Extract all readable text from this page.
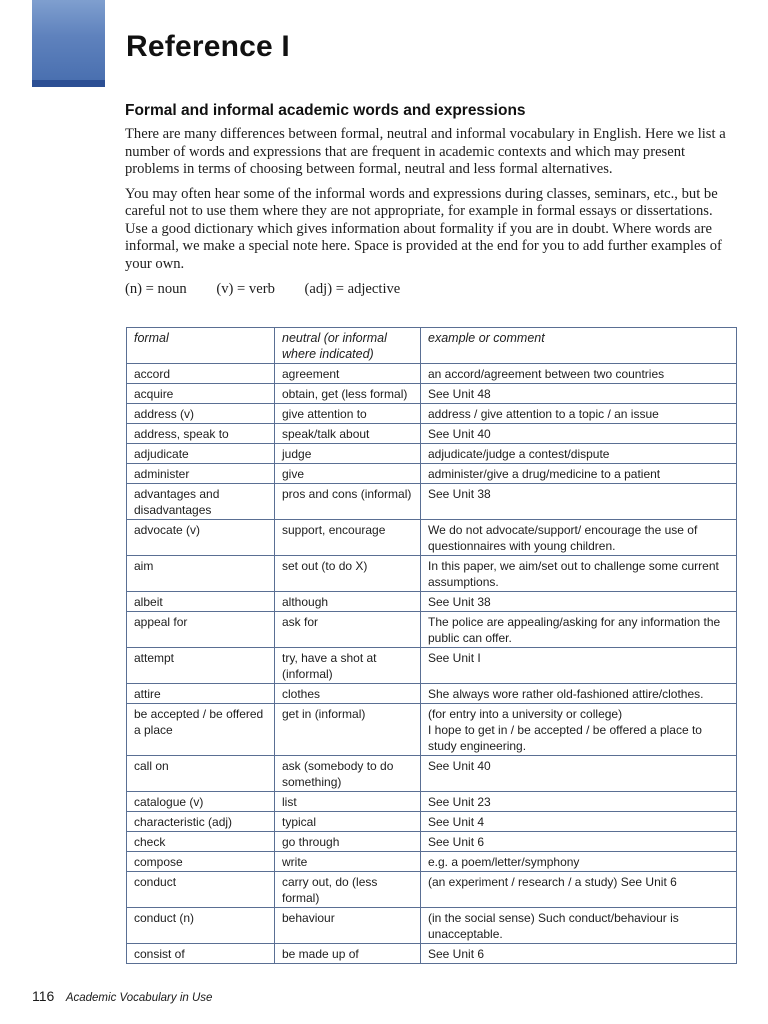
Reference I
Formal and informal academic words and expressions

There are many differences between formal, neutral and informal vocabulary in English. Here we list a number of words and expressions that are frequent in academic contexts and which may present problems in terms of choosing between formal, neutral and less formal alternatives.

You may often hear some of the informal words and expressions during classes, seminars, etc., but be careful not to use them where they are not appropriate, for example in formal essays or dissertations. Use a good dictionary which gives information about formality if you are in doubt. Where words are informal, we make a special note here. Space is provided at the end for you to add further examples of your own.

(n) = noun (v) = verb (adj) = adjective

formal	neutral (or informal where indicated)	example or comment
accord	agreement	an accord/agreement between two countries
acquire	obtain, get (less formal)	See Unit 48
address (v)	give attention to	address / give attention to a topic / an issue
address, speak to	speak/talk about	See Unit 40
adjudicate	judge	adjudicate/judge a contest/dispute
administer	give	administer/give a drug/medicine to a patient
advantages and disadvantages	pros and cons (informal)	See Unit 38
advocate (v)	support, encourage	We do not advocate/support/ encourage the use of questionnaires with young children.
aim	set out (to do X)	In this paper, we aim/set out to challenge some current assumptions.
albeit	although	See Unit 38
appeal for	ask for	The police are appealing/asking for any information the public can offer.
attempt	try, have a shot at (informal)	See Unit I
attire	clothes	She always wore rather old-fashioned attire/clothes.
be accepted / be offered a place	get in (informal)	(for entry into a university or college)
I hope to get in / be accepted / be offered a place to study engineering.
call on	ask (somebody to do something)	See Unit 40
catalogue (v)	list	See Unit 23
characteristic (adj)	typical	See Unit 4
check	go through	See Unit 6
compose	write	e.g. a poem/letter/symphony
conduct	carry out, do (less formal)	(an experiment / research / a study) See Unit 6
conduct (n)	behaviour	(in the social sense) Such conduct/behaviour is unacceptable.
consist of	be made up of	See Unit 6
116 Academic Vocabulary in Use
